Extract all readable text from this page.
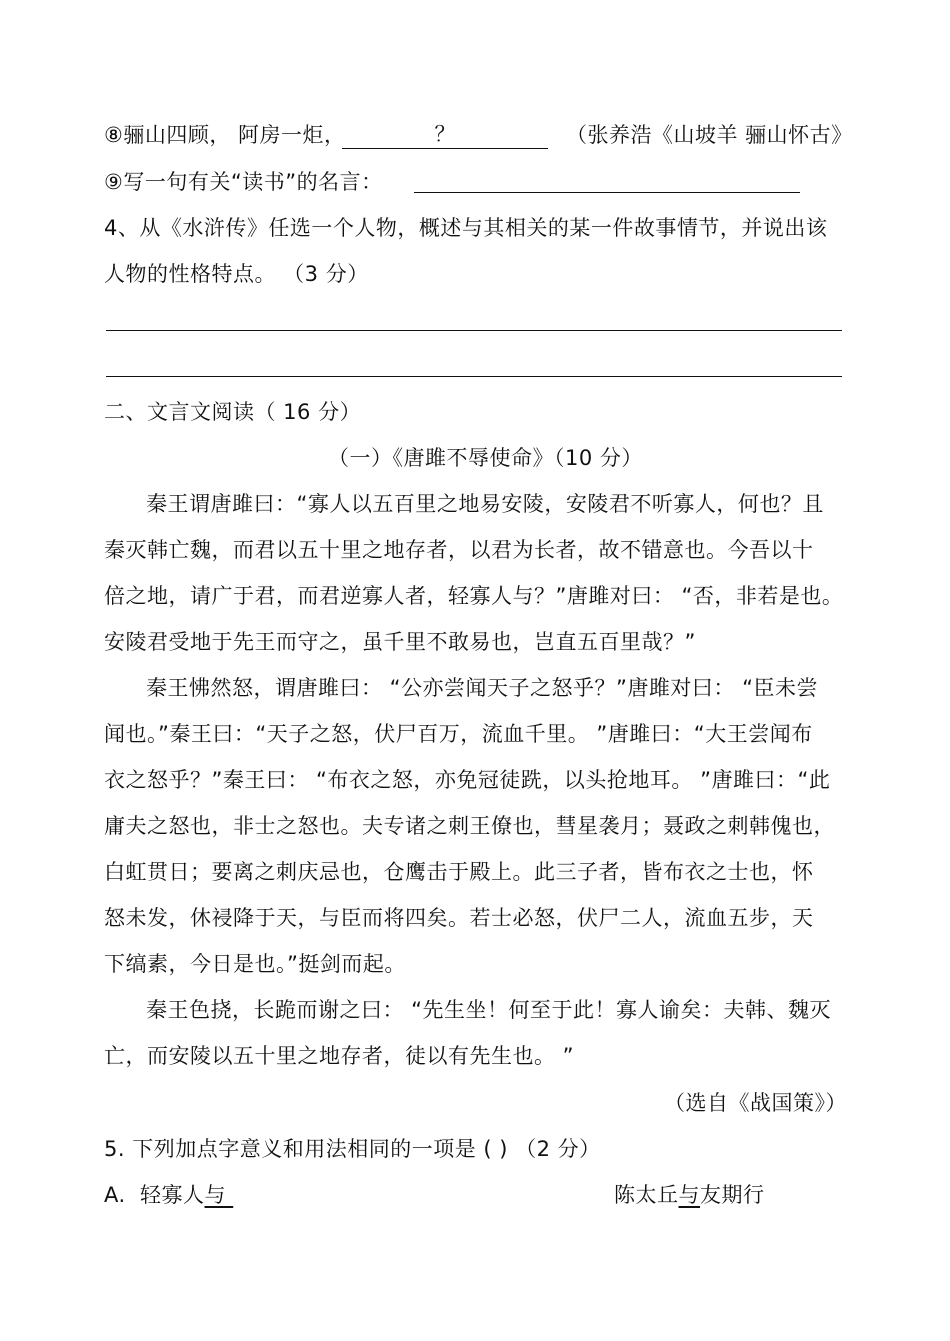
⑧骊山四顾， 阿房一炬，	？	（张养浩《山坡羊 骊山怀古》
⑨写一句有关“读书”的名言：
4、从《水浒传》任选一个人物，概述与其相关的某一件故事情节，并说出该
人物的性格特点。 （3 分）
二、文言文阅读（ 16 分）
（一）《唐雎不辱使命》（10 分）
秦王谓唐雎曰：“寡人以五百里之地易安陵，安陵君不听寡人，何也？且
秦灭韩亡魏，而君以五十里之地存者，以君为长者，故不错意也。今吾以十
倍之地，请广于君，而君逆寡人者，轻寡人与？”唐雎对曰： “否，非若是也。
安陵君受地于先王而守之，虽千里不敢易也，岂直五百里哉？”
秦王怫然怒，谓唐雎曰： “公亦尝闻天子之怒乎？”唐雎对曰： “臣未尝
闻也。”秦王曰：“天子之怒，伏尸百万，流血千里。 ”唐雎曰：“大王尝闻布
衣之怒乎？”秦王曰： “布衣之怒，亦免冠徒跣，以头抢地耳。 ”唐雎曰：“此
庸夫之怒也，非士之怒也。夫专诸之刺王僚也，彗星袭月；聂政之刺韩傀也，
白虹贯日；要离之刺庆忌也，仓鹰击于殿上。此三子者，皆布衣之士也，怀
怒未发，休祲降于天，与臣而将四矣。若士必怒，伏尸二人，流血五步，天
下缟素，今日是也。”挺剑而起。
秦王色挠，长跪而谢之曰： “先生坐！何至于此！寡人谕矣：夫韩、魏灭
亡，而安陵以五十里之地存者，徒以有先生也。 ”
（选自《战国策》）
5. 下列加点字意义和用法相同的一项是 ( ) （2 分）
A. 轻寡人与	陈太丘与友期行
